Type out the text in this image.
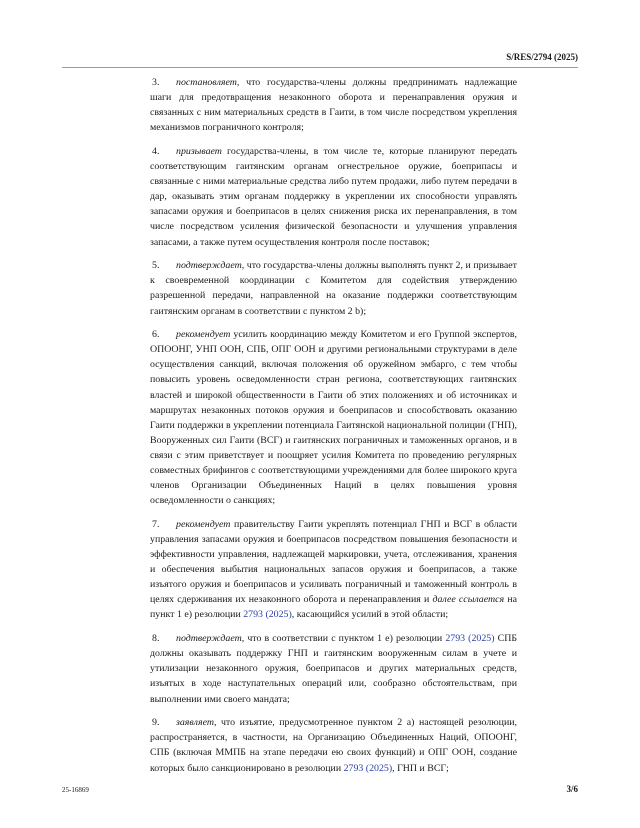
S/RES/2794 (2025)

3. постановляет, что государства-члены должны предпринимать надлежащие шаги для предотвращения незаконного оборота и перенаправления оружия и связанных с ним материальных средств в Гаити, в том числе посредством укрепления механизмов пограничного контроля;

4. призывает государства-члены, в том числе те, которые планируют передать соответствующим гаитянским органам огнестрельное оружие, боеприпасы и связанные с ними материальные средства либо путем продажи, либо путем передачи в дар, оказывать этим органам поддержку в укреплении их способности управлять запасами оружия и боеприпасов в целях снижения риска их перенаправления, в том числе посредством усиления физической безопасности и улучшения управления запасами, а также путем осуществления контроля после поставок;

5. подтверждает, что государства-члены должны выполнять пункт 2, и призывает к своевременной координации с Комитетом для содействия утверждению разрешенной передачи, направленной на оказание поддержки соответствующим гаитянским органам в соответствии с пунктом 2 b);

6. рекомендует усилить координацию между Комитетом и его Группой экспертов, ОПООНГ, УНП ООН, СПБ, ОПГ ООН и другими региональными структурами в деле осуществления санкций, включая положения об оружейном эмбарго, с тем чтобы повысить уровень осведомленности стран региона, соответствующих гаитянских властей и широкой общественности в Гаити об этих положениях и об источниках и маршрутах незаконных потоков оружия и боеприпасов и способствовать оказанию Гаити поддержки в укреплении потенциала Гаитянской национальной полиции (ГНП), Вооруженных сил Гаити (ВСГ) и гаитянских пограничных и таможенных органов, и в связи с этим приветствует и поощряет усилия Комитета по проведению регулярных совместных брифингов с соответствующими учреждениями для более широкого круга членов Организации Объединенных Наций в целях повышения уровня осведомленности о санкциях;

7. рекомендует правительству Гаити укреплять потенциал ГНП и ВСГ в области управления запасами оружия и боеприпасов посредством повышения безопасности и эффективности управления, надлежащей маркировки, учета, отслеживания, хранения и обеспечения выбытия национальных запасов оружия и боеприпасов, а также изъятого оружия и боеприпасов и усиливать пограничный и таможенный контроль в целях сдерживания их незаконного оборота и перенаправления и далее ссылается на пункт 1 e) резолюции 2793 (2025), касающийся усилий в этой области;

8. подтверждает, что в соответствии с пунктом 1 e) резолюции 2793 (2025) СПБ должны оказывать поддержку ГНП и гаитянским вооруженным силам в учете и утилизации незаконного оружия, боеприпасов и других материальных средств, изъятых в ходе наступательных операций или, сообразно обстоятельствам, при выполнении ими своего мандата;

9. заявляет, что изъятие, предусмотренное пунктом 2 a) настоящей резолюции, распространяется, в частности, на Организацию Объединенных Наций, ОПООНГ, СПБ (включая ММПБ на этапе передачи ею своих функций) и ОПГ ООН, создание которых было санкционировано в резолюции 2793 (2025), ГНП и ВСГ;

25-16869	3/6
